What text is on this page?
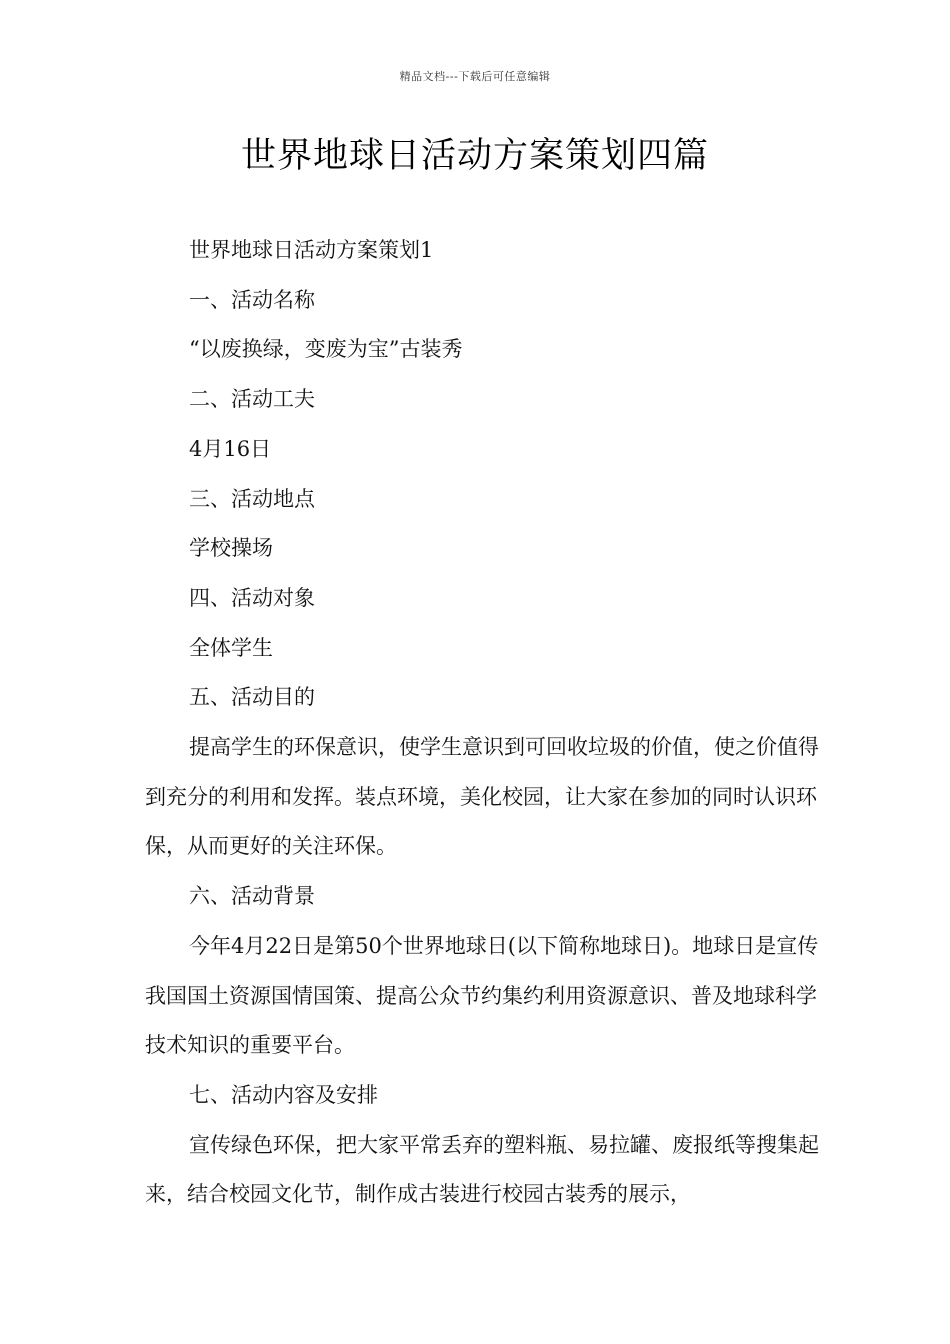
精品文档---下载后可任意编辑
世界地球日活动方案策划四篇

世界地球日活动方案策划1

一、活动名称

“以废换绿，变废为宝”古装秀

二、活动工夫

4月16日

三、活动地点

学校操场

四、活动对象

全体学生

五、活动目的

提高学生的环保意识，使学生意识到可回收垃圾的价值，使之价值得到充分的利用和发挥。装点环境，美化校园，让大家在参加的同时认识环保，从而更好的关注环保。

六、活动背景

今年4月22日是第50个世界地球日(以下简称地球日)。地球日是宣传我国国土资源国情国策、提高公众节约集约利用资源意识、普及地球科学技术知识的重要平台。

七、活动内容及安排

宣传绿色环保，把大家平常丢弃的塑料瓶、易拉罐、废报纸等搜集起来，结合校园文化节，制作成古装进行校园古装秀的展示，
